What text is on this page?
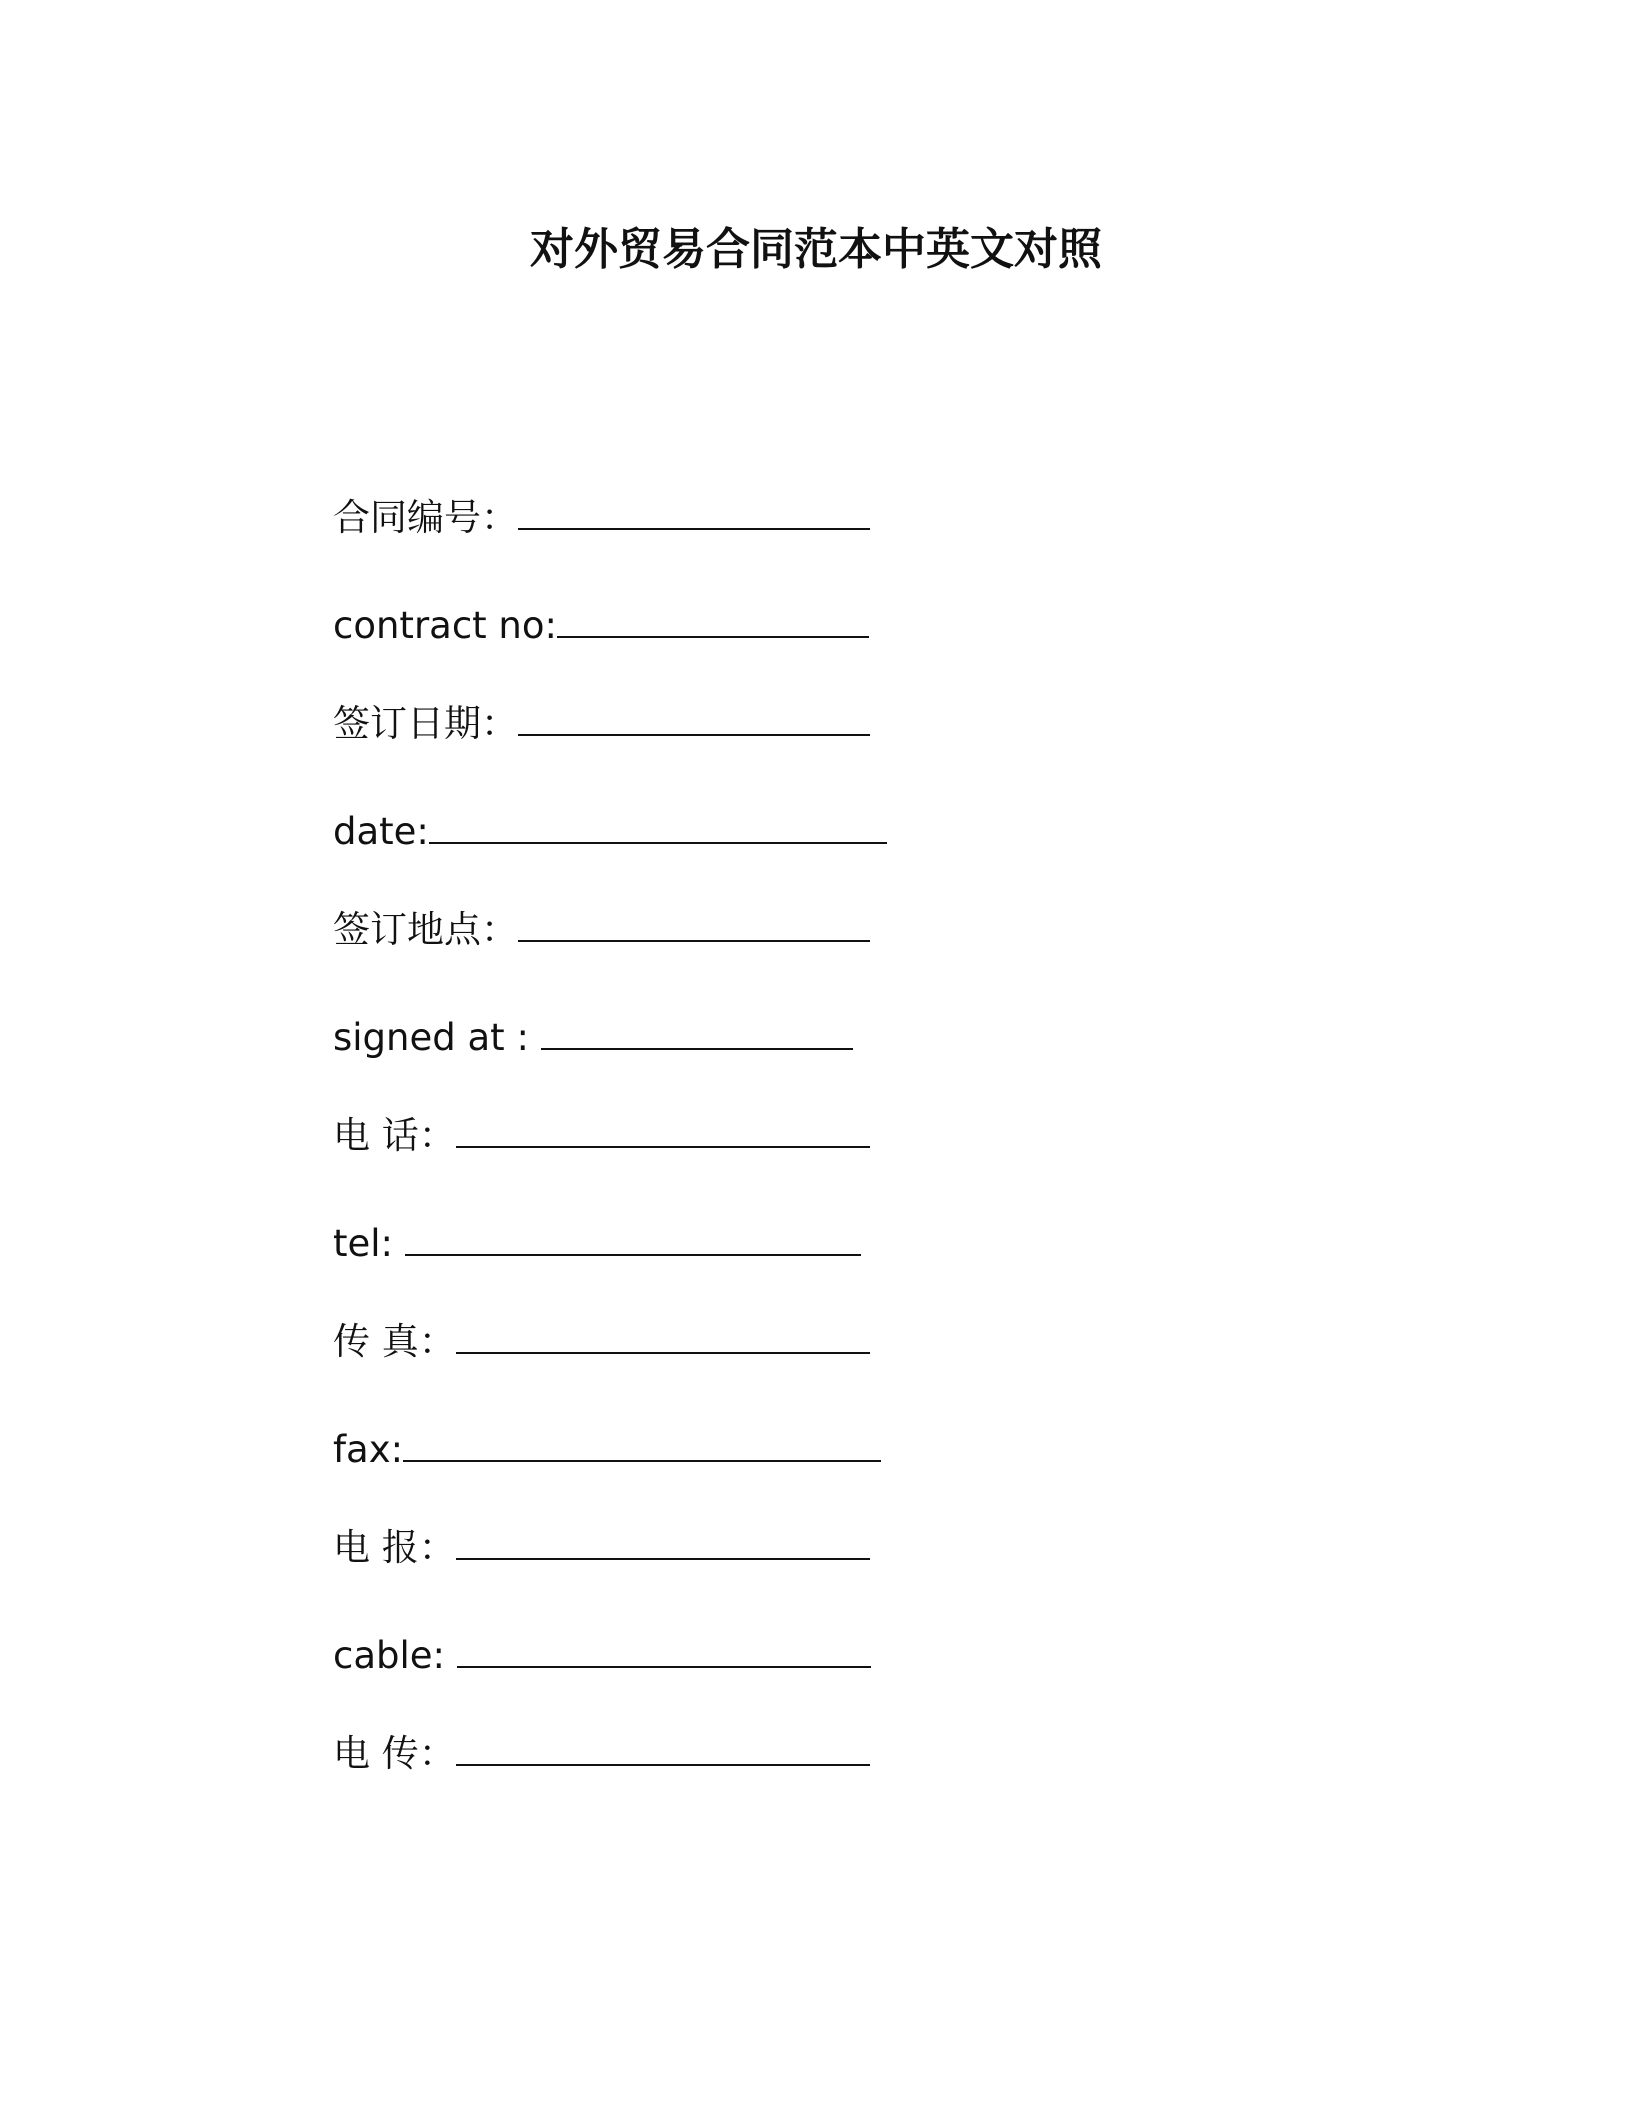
对外贸易合同范本中英文对照
合同编号：
contract no:
签订日期：
date:
签订地点：
signed at :
电 话：
tel:
传 真：
fax:
电 报：
cable:
电 传：
